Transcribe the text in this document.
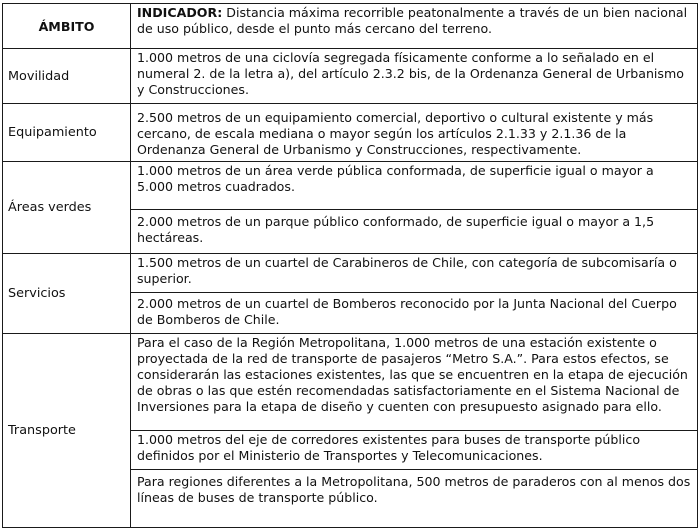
ÁMBITO	INDICADOR: Distancia máxima recorrible peatonalmente a través de un bien nacional de uso público, desde el punto más cercano del terreno.
Movilidad	1.000 metros de una ciclovía segregada físicamente conforme a lo señalado en el numeral 2. de la letra a), del artículo 2.3.2 bis, de la Ordenanza General de Urbanismo y Construcciones.
Equipamiento	2.500 metros de un equipamiento comercial, deportivo o cultural existente y más cercano, de escala mediana o mayor según los artículos 2.1.33 y 2.1.36 de la Ordenanza General de Urbanismo y Construcciones, respectivamente.
Áreas verdes	1.000 metros de un área verde pública conformada, de superficie igual o mayor a 5.000 metros cuadrados.
	2.000 metros de un parque público conformado, de superficie igual o mayor a 1,5 hectáreas.
Servicios	1.500 metros de un cuartel de Carabineros de Chile, con categoría de subcomisaría o superior.
	2.000 metros de un cuartel de Bomberos reconocido por la Junta Nacional del Cuerpo de Bomberos de Chile.
Transporte	Para el caso de la Región Metropolitana, 1.000 metros de una estación existente o proyectada de la red de transporte de pasajeros “Metro S.A.”. Para estos efectos, se considerarán las estaciones existentes, las que se encuentren en la etapa de ejecución de obras o las que estén recomendadas satisfactoriamente en el Sistema Nacional de Inversiones para la etapa de diseño y cuenten con presupuesto asignado para ello.
	1.000 metros del eje de corredores existentes para buses de transporte público definidos por el Ministerio de Transportes y Telecomunicaciones.
	Para regiones diferentes a la Metropolitana, 500 metros de paraderos con al menos dos líneas de buses de transporte público.
